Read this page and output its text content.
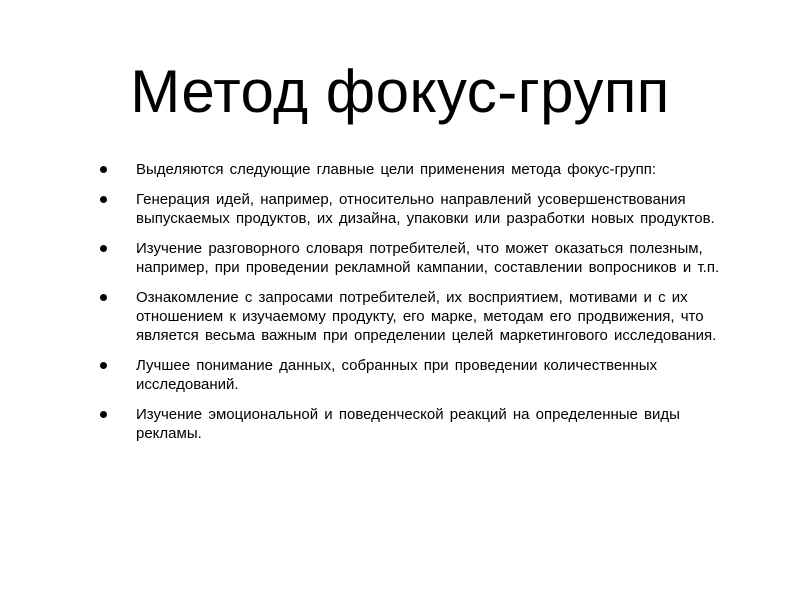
Метод фокус-групп
Выделяются следующие главные цели применения метода фокус-групп:
Генерация идей, например, относительно направлений усовершенствования выпускаемых продуктов, их дизайна, упаковки или разработки новых продуктов.
Изучение разговорного словаря потребителей, что может оказаться полезным, например, при проведении рекламной кампании, составлении вопросников и т.п.
Ознакомление с запросами потребителей, их восприятием, мотивами и с их отношением к изучаемому продукту, его марке, методам его продвижения, что является весьма важным при определении целей маркетингового исследования.
Лучшее понимание данных, собранных при проведении количественных исследований.
Изучение эмоциональной и поведенческой реакций на определенные виды рекламы.
